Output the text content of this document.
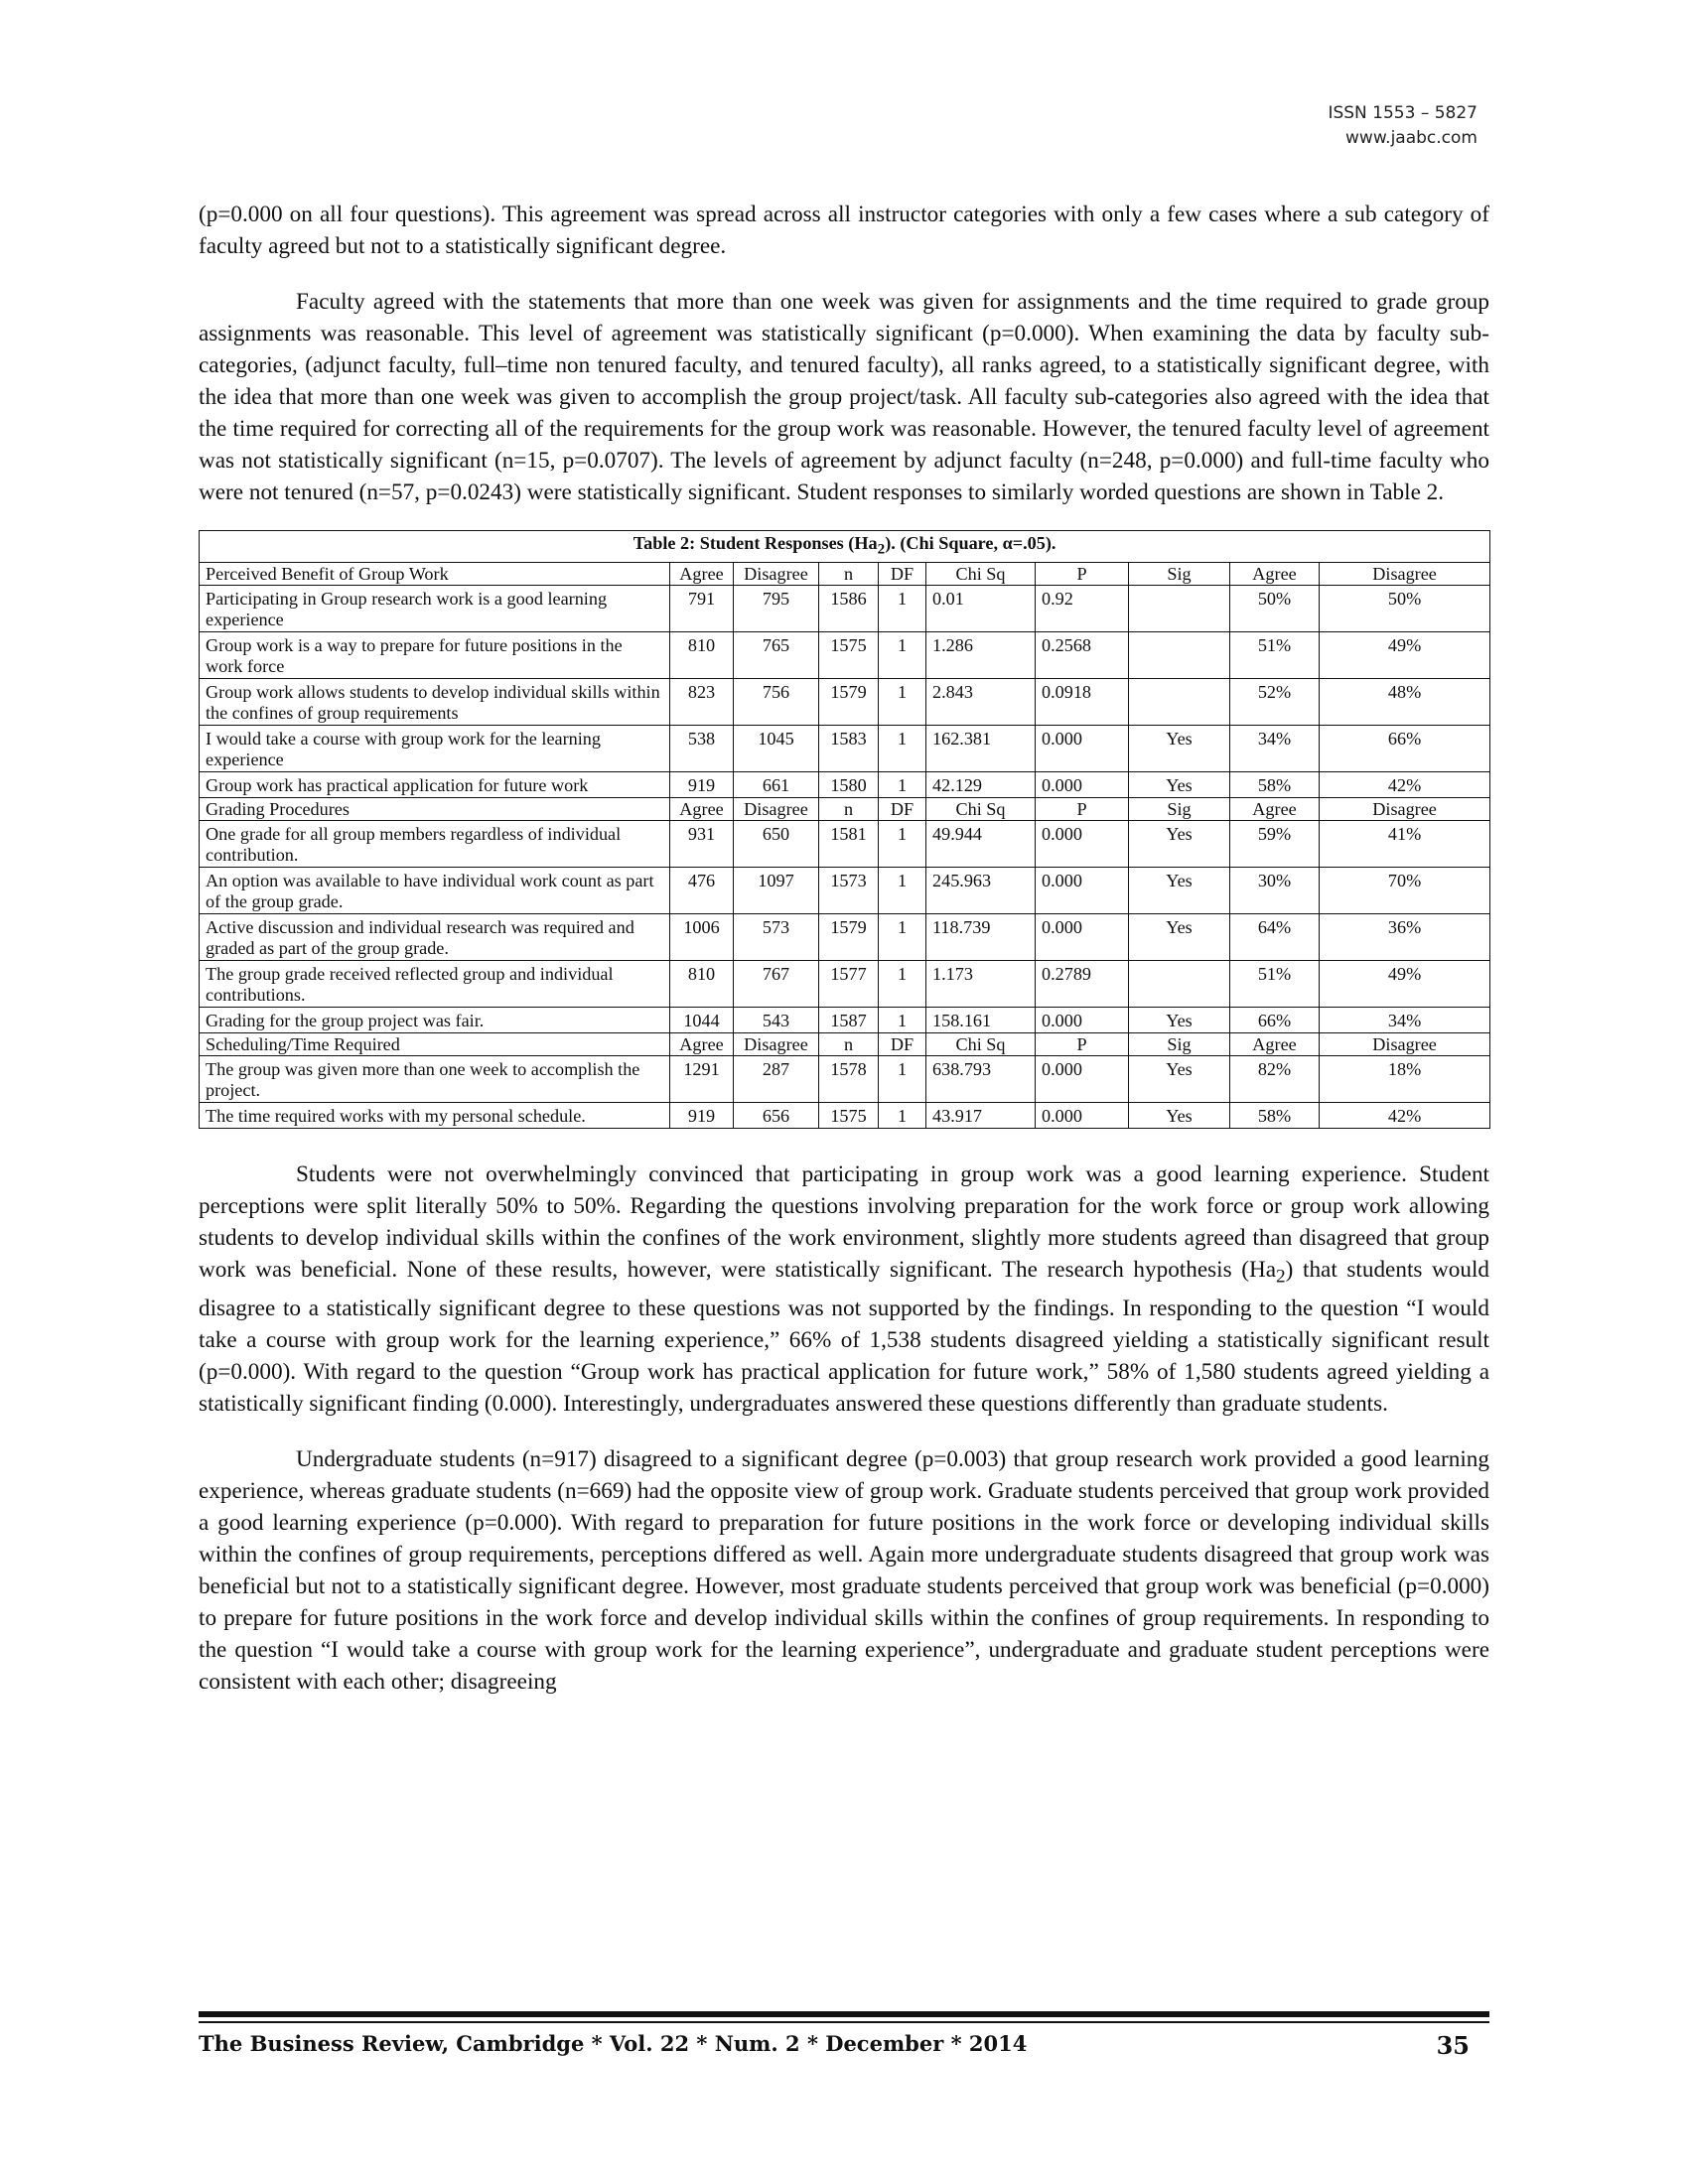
ISSN 1553 – 5827
www.jaabc.com

(p=0.000 on all four questions). This agreement was spread across all instructor categories with only a few cases where a sub category of faculty agreed but not to a statistically significant degree.

Faculty agreed with the statements that more than one week was given for assignments and the time required to grade group assignments was reasonable. This level of agreement was statistically significant (p=0.000). When examining the data by faculty sub-categories, (adjunct faculty, full–time non tenured faculty, and tenured faculty), all ranks agreed, to a statistically significant degree, with the idea that more than one week was given to accomplish the group project/task. All faculty sub-categories also agreed with the idea that the time required for correcting all of the requirements for the group work was reasonable. However, the tenured faculty level of agreement was not statistically significant (n=15, p=0.0707). The levels of agreement by adjunct faculty (n=248, p=0.000) and full-time faculty who were not tenured (n=57, p=0.0243) were statistically significant. Student responses to similarly worded questions are shown in Table 2.

Table 2: Student Responses $(Ha_2)$. (Chi Square, α=.05).									
Perceived Benefit of Group Work	Agree	Disagree	n	DF	Chi Sq	P	Sig	Agree	Disagree
Participating in Group research work is a good learning experience	791	795	1586	1	0.01	0.92		50%	50%
Group work is a way to prepare for future positions in the work force	810	765	1575	1	1.286	0.2568		51%	49%
Group work allows students to develop individual skills within the confines of group requirements	823	756	1579	1	2.843	0.0918		52%	48%
I would take a course with group work for the learning experience	538	1045	1583	1	162.381	0.000	Yes	34%	66%
Group work has practical application for future work	919	661	1580	1	42.129	0.000	Yes	58%	42%
Grading Procedures	Agree	Disagree	n	DF	Chi Sq	P	Sig	Agree	Disagree
One grade for all group members regardless of individual contribution.	931	650	1581	1	49.944	0.000	Yes	59%	41%
An option was available to have individual work count as part of the group grade.	476	1097	1573	1	245.963	0.000	Yes	30%	70%
Active discussion and individual research was required and graded as part of the group grade.	1006	573	1579	1	118.739	0.000	Yes	64%	36%
The group grade received reflected group and individual contributions.	810	767	1577	1	1.173	0.2789		51%	49%
Grading for the group project was fair.	1044	543	1587	1	158.161	0.000	Yes	66%	34%
Scheduling/Time Required	Agree	Disagree	n	DF	Chi Sq	P	Sig	Agree	Disagree
The group was given more than one week to accomplish the project.	1291	287	1578	1	638.793	0.000	Yes	82%	18%
The time required works with my personal schedule.	919	656	1575	1	43.917	0.000	Yes	58%	42%

Students were not overwhelmingly convinced that participating in group work was a good learning experience. Student perceptions were split literally 50% to 50%. Regarding the questions involving preparation for the work force or group work allowing students to develop individual skills within the confines of the work environment, slightly more students agreed than disagreed that group work was beneficial. None of these results, however, were statistically significant. The research hypothesis $(Ha_2)$ that students would disagree to a statistically significant degree to these questions was not supported by the findings. In responding to the question “I would take a course with group work for the learning experience,” 66% of 1,538 students disagreed yielding a statistically significant result (p=0.000). With regard to the question “Group work has practical application for future work,” 58% of 1,580 students agreed yielding a statistically significant finding (0.000). Interestingly, undergraduates answered these questions differently than graduate students.

Undergraduate students (n=917) disagreed to a significant degree (p=0.003) that group research work provided a good learning experience, whereas graduate students (n=669) had the opposite view of group work. Graduate students perceived that group work provided a good learning experience (p=0.000). With regard to preparation for future positions in the work force or developing individual skills within the confines of group requirements, perceptions differed as well. Again more undergraduate students disagreed that group work was beneficial but not to a statistically significant degree. However, most graduate students perceived that group work was beneficial (p=0.000) to prepare for future positions in the work force and develop individual skills within the confines of group requirements. In responding to the question “I would take a course with group work for the learning experience”, undergraduate and graduate student perceptions were consistent with each other; disagreeing

The Business Review, Cambridge * Vol. 22 * Num. 2 * December * 2014	35
